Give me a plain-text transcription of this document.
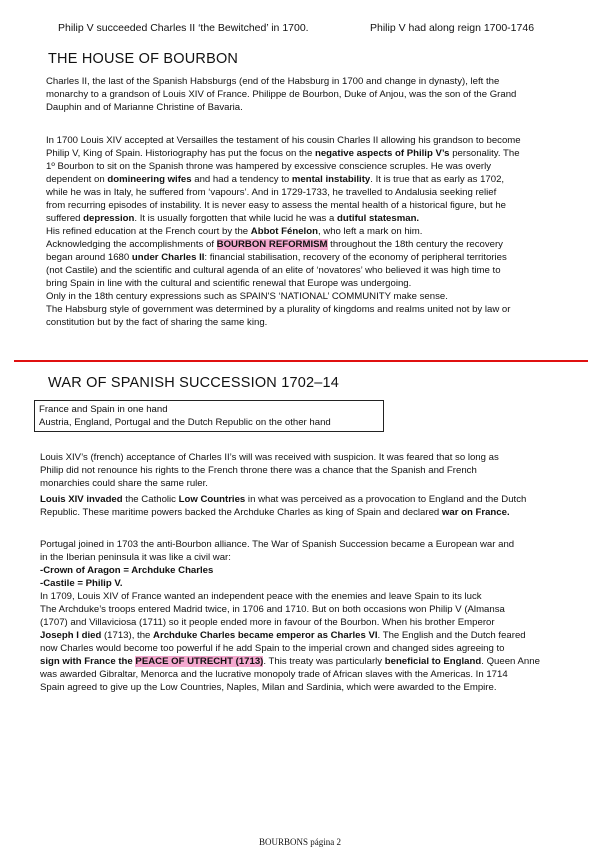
Philip V succeeded Charles II ‘the Bewitched’ in 1700.	Philip V had along reign 1700-1746
THE HOUSE OF BOURBON
Charles II, the last of the Spanish Habsburgs (end of the Habsburg in 1700 and change in dynasty), left the
monarchy to a grandson of Louis XIV of France. Philippe de Bourbon, Duke of Anjou, was the son of the Grand
Dauphin and of Marianne Christine of Bavaria.
In 1700 Louis XIV accepted at Versailles the testament of his cousin Charles II allowing his grandson to become
Philip V, King of Spain. Historiography has put the focus on the negative aspects of Philip V’s personality. The
1º Bourbon to sit on the Spanish throne was hampered by excessive conscience scruples. He was overly
dependent on domineering wifes and had a tendency to mental instability. It is true that as early as 1702,
while he was in Italy, he suffered from ‘vapours’. And in 1729-1733, he travelled to Andalusia seeking relief
from recurring episodes of instability. It is never easy to assess the mental health of a historical figure, but he
suffered depression. It is usually forgotten that while lucid he was a dutiful statesman.
His refined education at the French court by the Abbot Fénelon, who left a mark on him.
Acknowledging the accomplishments of BOURBON REFORMISM throughout the 18th century the recovery
began around 1680 under Charles II: financial stabilisation, recovery of the economy of peripheral territories
(not Castile) and the scientific and cultural agenda of an elite of ‘novatores’ who believed it was high time to
bring Spain in line with the cultural and scientific renewal that Europe was undergoing.
Only in the 18th century expressions such as SPAIN'S ‘NATIONAL’ COMMUNITY make sense.
The Habsburg style of government was determined by a plurality of kingdoms and realms united not by law or
constitution but by the fact of sharing the same king.
WAR OF SPANISH SUCCESSION 1702–14
France and Spain in one hand
Austria, England, Portugal and the Dutch Republic on the other hand
Louis XIV’s (french) acceptance of Charles II’s will was received with suspicion. It was feared that so long as
Philip did not renounce his rights to the French throne there was a chance that the Spanish and French
monarchies could share the same ruler.
Louis XIV invaded the Catholic Low Countries in what was perceived as a provocation to England and the Dutch
Republic. These maritime powers backed the Archduke Charles as king of Spain and declared war on France.
Portugal joined in 1703 the anti-Bourbon alliance. The War of Spanish Succession became a European war and
in the Iberian peninsula it was like a civil war:
-Crown of Aragon = Archduke Charles
-Castile = Philip V.
In 1709, Louis XIV of France wanted an independent peace with the enemies and leave Spain to its luck
The Archduke’s troops entered Madrid twice, in 1706 and 1710. But on both occasions won Philip V (Almansa
(1707) and Villaviciosa (1711) so it people ended more in favour of the Bourbon. When his brother Emperor
Joseph I died (1713), the Archduke Charles became emperor as Charles VI. The English and the Dutch feared
now Charles would become too powerful if he add Spain to the imperial crown and changed sides agreeing to
sign with France the PEACE OF UTRECHT (1713). This treaty was particularly beneficial to England. Queen Anne
was awarded Gibraltar, Menorca and the lucrative monopoly trade of African slaves with the Americas. In 1714
Spain agreed to give up the Low Countries, Naples, Milan and Sardinia, which were awarded to the Empire.
BOURBONS página 2
